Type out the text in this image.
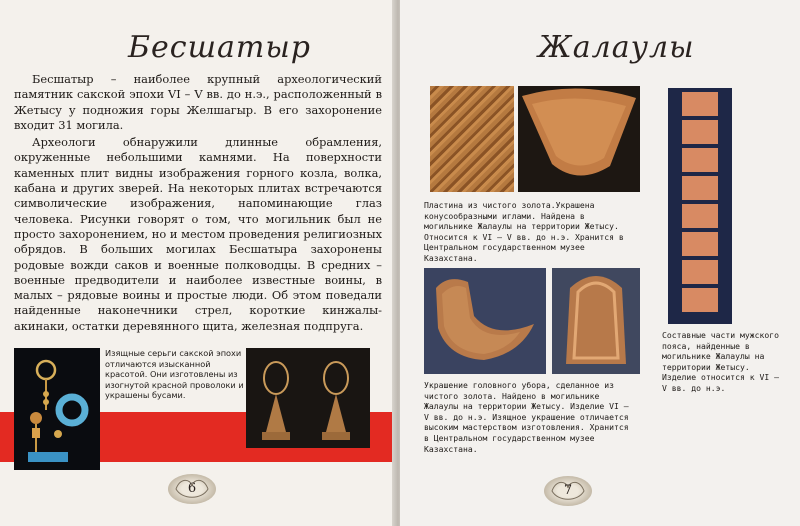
Бесшатыр

Бесшатыр – наиболее крупный археологический памятник сакской эпохи VI – V вв. до н.э., расположенный в Жетысу у подножия горы Желшагыр. В его захоронение входит 31 могила.

Археологи обнаружили длинные обрамления, окруженные небольшими камнями. На поверхности каменных плит видны изображения горного козла, волка, кабана и других зверей. На некоторых плитах встречаются символические изображения, напоминающие глаз человека. Рисунки говорят о том, что могильник был не просто захоронением, но и местом проведения религиозных обрядов. В больших могилах Бесшатыра захоронены родовые вожди саков и военные полководцы. В средних – военные предводители и наиболее известные воины, в малых – рядовые воины и простые люди. Об этом поведали найденные наконечники стрел, короткие кинжалы-акинаки, остатки деревянного щита, железная подпруга.

Изящные серьги сакской эпохи отличаются изысканной красотой. Они изготовлены из изогнутой красной проволоки и украшены бусами.
6
Жалаулы
Пластина из чистого золота.Украшена конусообразными иглами. Найдена в могильнике Жалаулы на территории Жетысу. Относится к VI – V вв. до н.э. Хранится в Центральном государственном музее Казахстана.
Украшение головного убора, сделанное из чистого золота. Найдено в могильнике Жалаулы на территории Жетысу. Изделие VI – V вв. до н.э. Изящное украшение отличается высоким мастерством изготовления. Хранится в Центральном государственном музее Казахстана.
Составные части мужского пояса, найденные в могильнике Жалаулы на территории Жетысу. Изделие относится к VI – V вв. до н.э.
7
